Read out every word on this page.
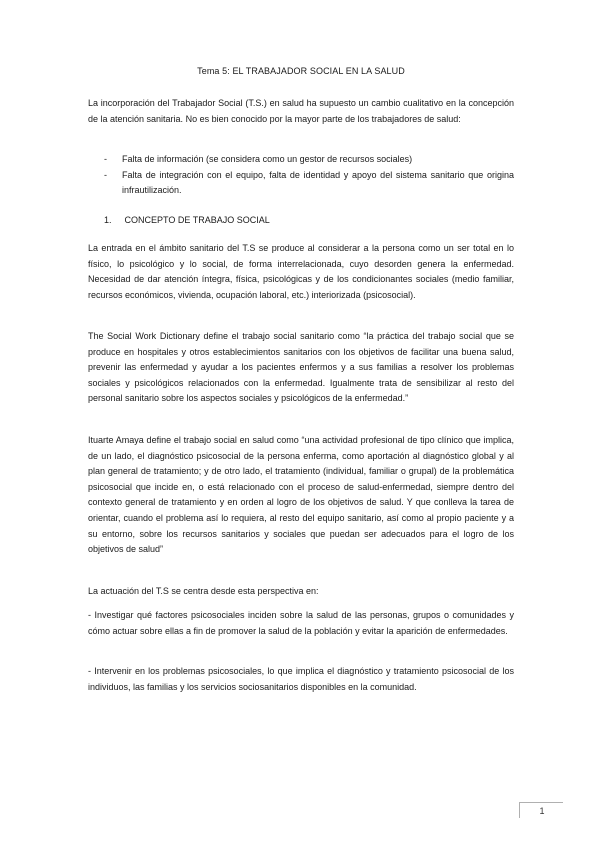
Tema 5: EL TRABAJADOR SOCIAL EN LA SALUD

La incorporación del Trabajador Social (T.S.) en salud ha supuesto un cambio cualitativo en la concepción de la atención sanitaria. No es bien conocido por la mayor parte de los trabajadores de salud:

- Falta de información (se considera como un gestor de recursos sociales)
- Falta de integración con el equipo, falta de identidad y apoyo del sistema sanitario que origina infrautilización.
1. CONCEPTO DE TRABAJO SOCIAL

La entrada en el ámbito sanitario del T.S se produce al considerar a la persona como un ser total en lo físico, lo psicológico y lo social, de forma interrelacionada, cuyo desorden genera la enfermedad. Necesidad de dar atención íntegra, física, psicológicas y de los condicionantes sociales (medio familiar, recursos económicos, vivienda, ocupación laboral, etc.) interiorizada (psicosocial).

The Social Work Dictionary define el trabajo social sanitario como “la práctica del trabajo social que se produce en hospitales y otros establecimientos sanitarios con los objetivos de facilitar una buena salud, prevenir las enfermedad y ayudar a los pacientes enfermos y a sus familias a resolver los problemas sociales y psicológicos relacionados con la enfermedad. Igualmente trata de sensibilizar al resto del personal sanitario sobre los aspectos sociales y psicológicos de la enfermedad.”

Ituarte Amaya define el trabajo social en salud como “una actividad profesional de tipo clínico que implica, de un lado, el diagnóstico psicosocial de la persona enferma, como aportación al diagnóstico global y al plan general de tratamiento; y de otro lado, el tratamiento (individual, familiar o grupal) de la problemática psicosocial que incide en, o está relacionado con el proceso de salud-enfermedad, siempre dentro del contexto general de tratamiento y en orden al logro de los objetivos de salud. Y que conlleva la tarea de orientar, cuando el problema así lo requiera, al resto del equipo sanitario, así como al propio paciente y a su entorno, sobre los recursos sanitarios y sociales que puedan ser adecuados para el logro de los objetivos de salud”

La actuación del T.S se centra desde esta perspectiva en:

- Investigar qué factores psicosociales inciden sobre la salud de las personas, grupos o comunidades y cómo actuar sobre ellas a fin de promover la salud de la población y evitar la aparición de enfermedades.

- Intervenir en los problemas psicosociales, lo que implica el diagnóstico y tratamiento psicosocial de los individuos, las familias y los servicios sociosanitarios disponibles en la comunidad.

1
